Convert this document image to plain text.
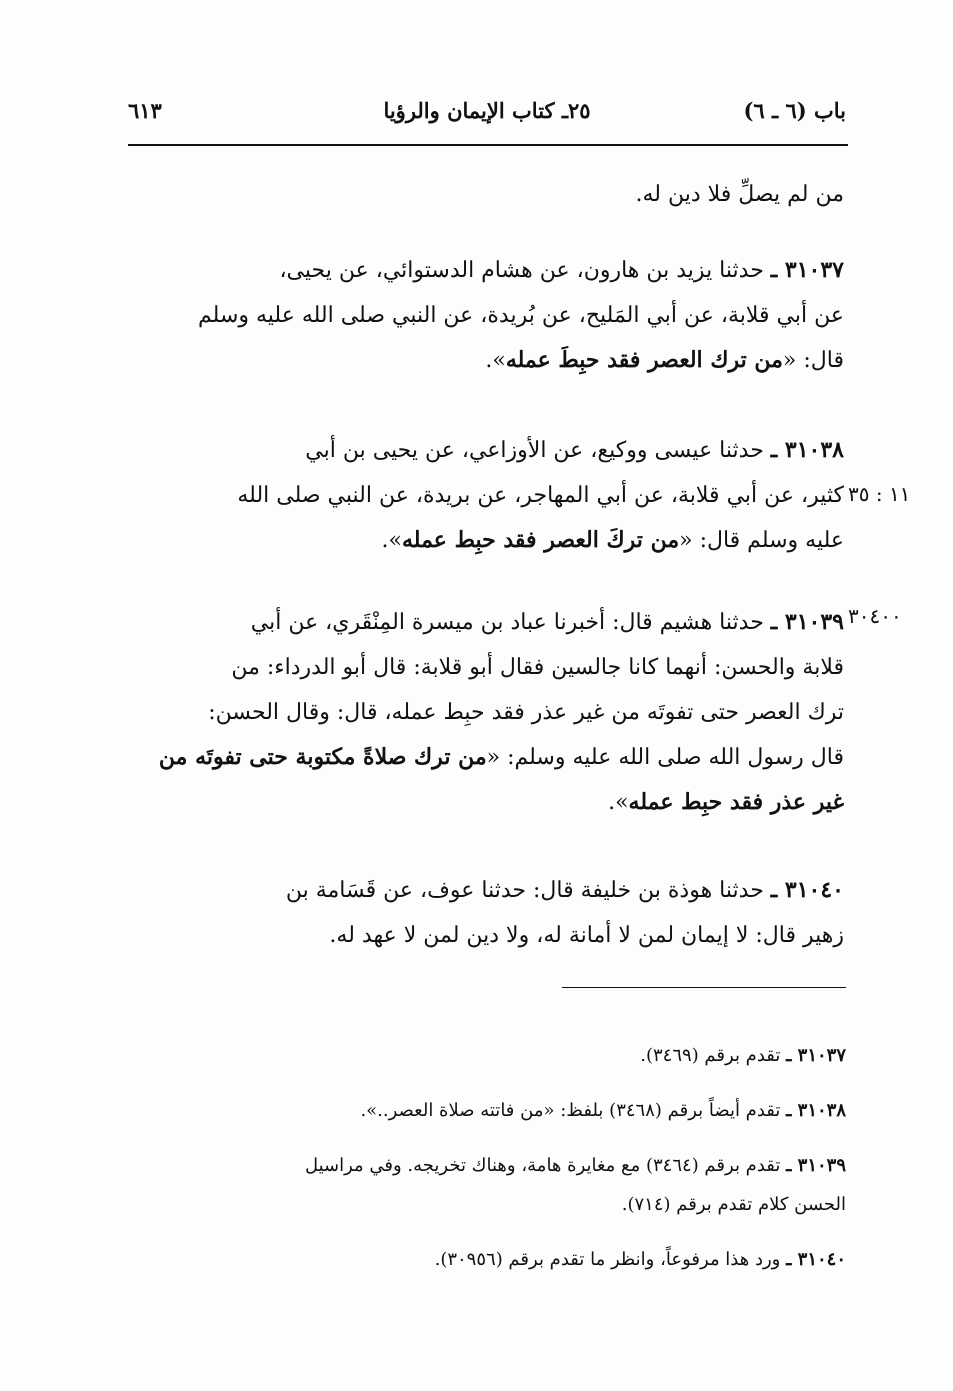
باب (٦ ـ ٦)
٢٥ـ كتاب الإيمان والرؤيا
٦١٣
من لم يصلِّ فلا دين له.
٣١٠٣٧ ـ حدثنا يزيد بن هارون، عن هشام الدستوائي، عن يحيى،
عن أبي قلابة، عن أبي المَليح، عن بُريدة، عن النبي صلى الله عليه وسلم
قال: «من ترك العصر فقد حبِطَ عمله».
٣١٠٣٨ ـ حدثنا عيسى ووكيع، عن الأوزاعي، عن يحيى بن أبي
كثير، عن أبي قلابة، عن أبي المهاجر، عن بريدة، عن النبي صلى الله
عليه وسلم قال: «من تركَ العصر فقد حبِط عمله».
٣١٠٣٩ ـ حدثنا هشيم قال: أخبرنا عباد بن ميسرة المِنْقَري، عن أبي
قلابة والحسن: أنهما كانا جالسين فقال أبو قلابة: قال أبو الدرداء: من
ترك العصر حتى تفوتَه من غير عذر فقد حبِط عمله، قال: وقال الحسن:
قال رسول الله صلى الله عليه وسلم: «من ترك صلاةً مكتوبة حتى تفوتَه من
غير عذر فقد حبِط عمله».
٣١٠٤٠ ـ حدثنا هوذة بن خليفة قال: حدثنا عوف، عن قَسَامة بن
زهير قال: لا إيمان لمن لا أمانة له، ولا دين لمن لا عهد له.
١١ : ٣٥
٣٠٤٠٠
٣١٠٣٧ ـ تقدم برقم (٣٤٦٩).
٣١٠٣٨ ـ تقدم أيضاً برقم (٣٤٦٨) بلفظ: «من فاتته صلاة العصر..».
٣١٠٣٩ ـ تقدم برقم (٣٤٦٤) مع مغايرة هامة، وهناك تخريجه. وفي مراسيل
الحسن كلام تقدم برقم (٧١٤).
٣١٠٤٠ ـ ورد هذا مرفوعاً، وانظر ما تقدم برقم (٣٠٩٥٦).
